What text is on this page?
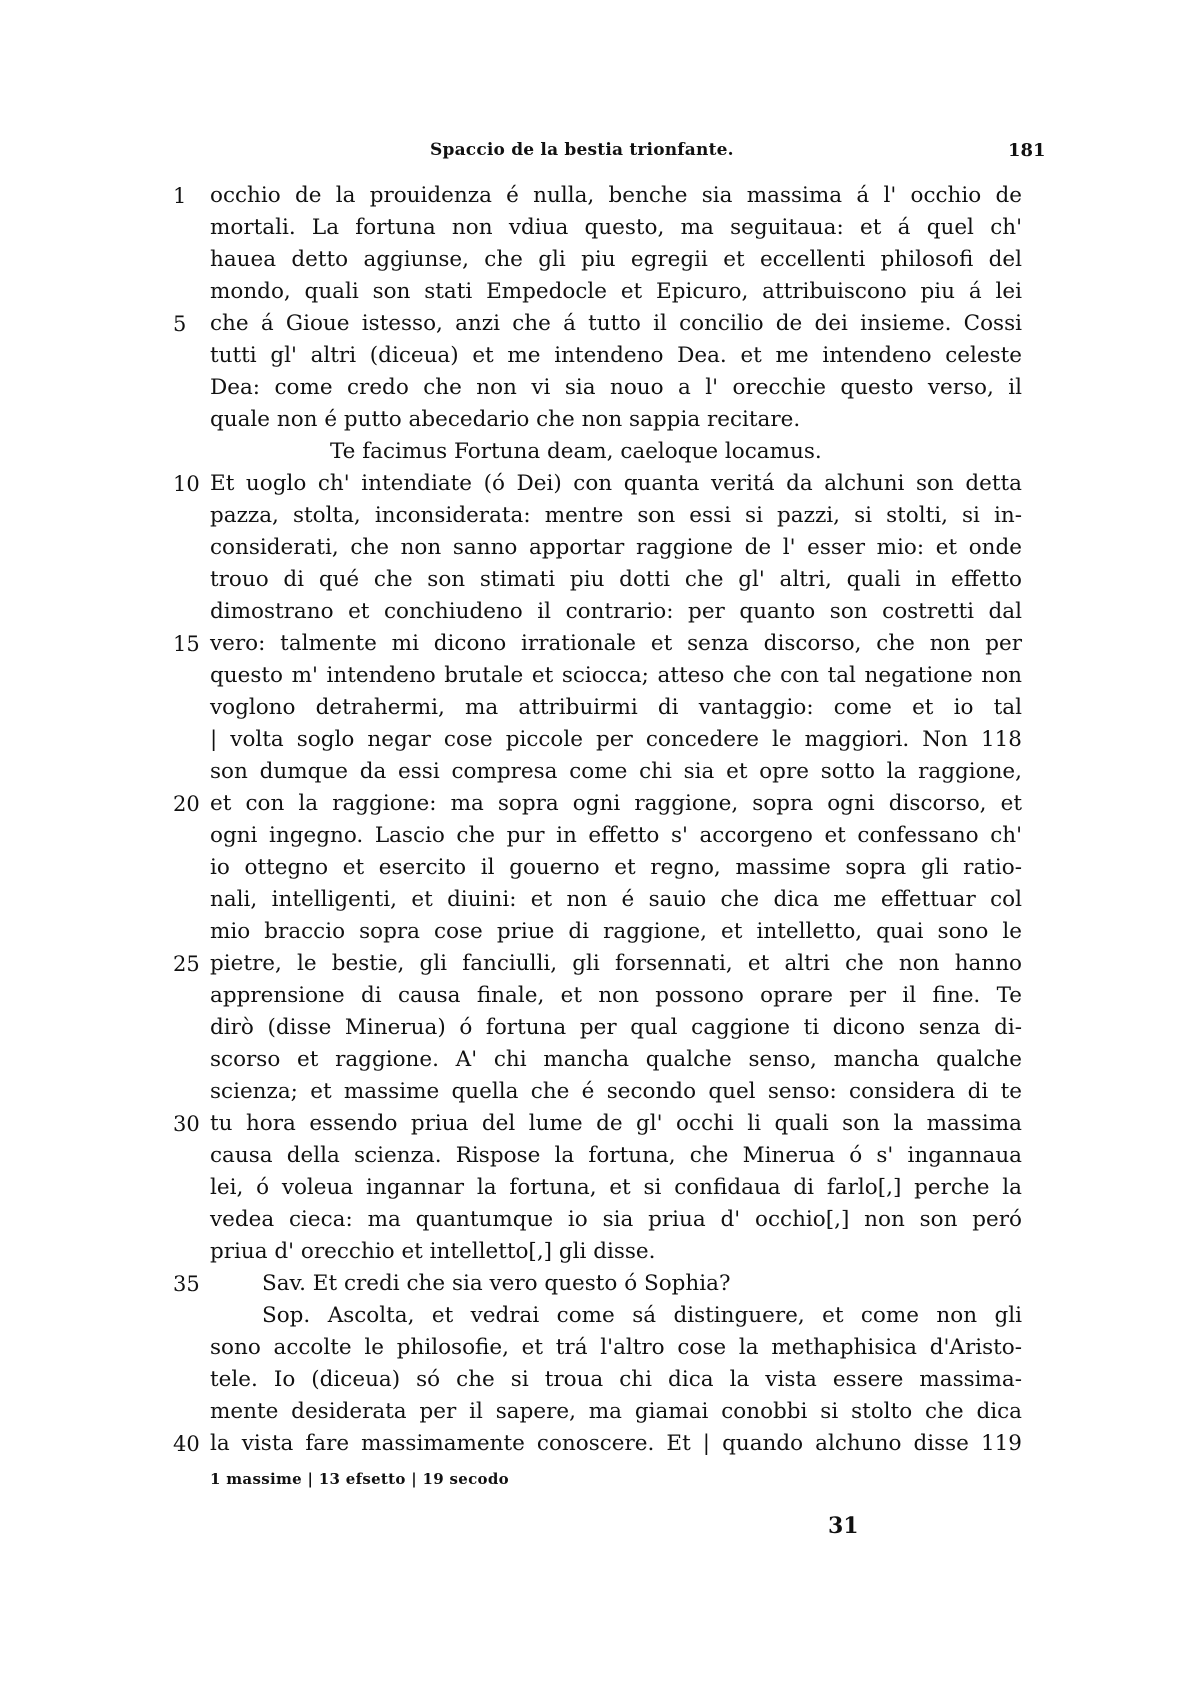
Spaccio de la bestia trionfante.	181
1	occhio de la prouidenza é nulla, benche sia massima á l' occhio de
mortali. La fortuna non vdiua questo, ma seguitaua: et á quel ch'
hauea detto aggiunse, che gli piu egregii et eccellenti philosofi del
mondo, quali son stati Empedocle et Epicuro, attribuiscono piu á lei
5	che á Gioue istesso, anzi che á tutto il concilio de dei insieme. Cossi
tutti gl' altri (diceua) et me intendeno Dea. et me intendeno celeste
Dea: come credo che non vi sia nouo a l' orecchie questo verso, il
quale non é putto abecedario che non sappia recitare.
Te facimus Fortuna deam, caeloque locamus.
10 Et uoglo ch' intendiate (ó Dei) con quanta veritá da alchuni son detta
pazza, stolta, inconsiderata: mentre son essi si pazzi, si stolti, si in-
considerati, che non sanno apportar raggione de l' esser mio: et onde
trouo di qué che son stimati piu dotti che gl' altri, quali in effetto
dimostrano et conchiudeno il contrario: per quanto son costretti dal
15 vero: talmente mi dicono irrationale et senza discorso, che non per
questo m' intendeno brutale et sciocca; atteso che con tal negatione non
voglono detrahermi, ma attribuirmi di vantaggio: come et io tal
| volta soglo negar cose piccole per concedere le maggiori. Non 118
son dumque da essi compresa come chi sia et opre sotto la raggione,
20 et con la raggione: ma sopra ogni raggione, sopra ogni discorso, et
ogni ingegno. Lascio che pur in effetto s' accorgeno et confessano ch'
io ottegno et esercito il gouerno et regno, massime sopra gli ratio-
nali, intelligenti, et diuini: et non é sauio che dica me effettuar col
mio braccio sopra cose priue di raggione, et intelletto, quai sono le
25 pietre, le bestie, gli fanciulli, gli forsennati, et altri che non hanno
apprensione di causa finale, et non possono oprare per il fine. Te
dirò (disse Minerua) ó fortuna per qual caggione ti dicono senza di-
scorso et raggione. A' chi mancha qualche senso, mancha qualche
scienza; et massime quella che é secondo quel senso: considera di te
30 tu hora essendo priua del lume de gl' occhi li quali son la massima
causa della scienza. Rispose la fortuna, che Minerua ó s' ingannaua
lei, ó voleua ingannar la fortuna, et si confidaua di farlo[,] perche la
vedea cieca: ma quantumque io sia priua d' occhio[,] non son peró
priua d' orecchio et intelletto[,] gli disse.
35	Sav. Et credi che sia vero questo ó Sophia?
Sop. Ascolta, et vedrai come sá distinguere, et come non gli
sono accolte le philosofie, et trá l'altro cose la methaphisica d'Aristo-
tele. Io (diceua) só che si troua chi dica la vista essere massima-
mente desiderata per il sapere, ma giamai conobbi si stolto che dica
40 la vista fare massimamente conoscere. Et | quando alchuno disse 119
1 massime | 13 efsetto | 19 secodo
31
